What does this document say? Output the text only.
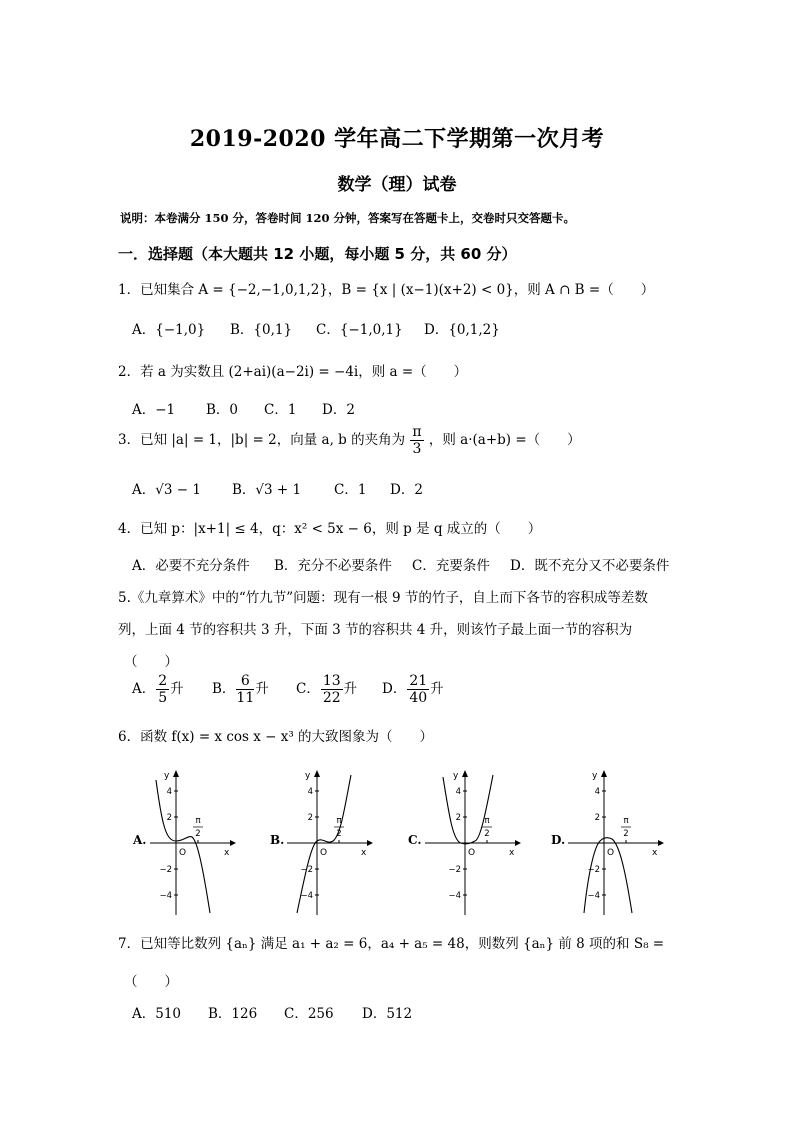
2019-2020 学年高二下学期第一次月考
数学（理）试卷
说明：本卷满分 150 分，答卷时间 120 分钟，答案写在答题卡上，交卷时只交答题卡。
一．选择题（本大题共 12 小题，每小题 5 分，共 60 分）
1．已知集合 A = {−2,−1,0,1,2}，B = {x | (x−1)(x+2) < 0}，则 A ∩ B =（　　）
A．{−1,0} B．{0,1} C．{−1,0,1} D．{0,1,2}
2．若 a 为实数且 (2+ai)(a−2i) = −4i，则 a =（　　）
A．−1 B．0 C．1 D．2
3．已知 |a| = 1，|b| = 2，向量 a, b 的夹角为 $\frac{\pi}{3}$ ，则 a·(a+b) =（　　）
A．√3 − 1 B．√3 + 1 C．1 D．2
4．已知 p：|x+1| ≤ 4，q：x² < 5x − 6，则 p 是 q 成立的（　　）
A．必要不充分条件 B．充分不必要条件 C．充要条件 D．既不充分又不必要条件
5.《九章算术》中的“竹九节”问题：现有一根 9 节的竹子，自上而下各节的容积成等差数
列，上面 4 节的容积共 3 升，下面 3 节的容积共 4 升，则该竹子最上面一节的容积为
（　　）
A． $\frac{2}{5}$ 升 B． $\frac{6}{11}$ 升 C． $\frac{13}{22}$ 升 D． $\frac{21}{40}$ 升
6．函数 f(x) = x cos x − x³ 的大致图象为（　　）
A.
y
x
O
4
2
−2
−4
π
2	B.
y
x
O
4
2
−2
−4
π
2	C.
y
x
O
4
2
−2
−4
π
2	D.
y
x
O
4
2
−2
−4
π
2
7．已知等比数列 {aₙ} 满足 a₁ + a₂ = 6，a₄ + a₅ = 48，则数列 {aₙ} 前 8 项的和 S₈ =
（　　）
A．510 B．126 C．256 D．512
